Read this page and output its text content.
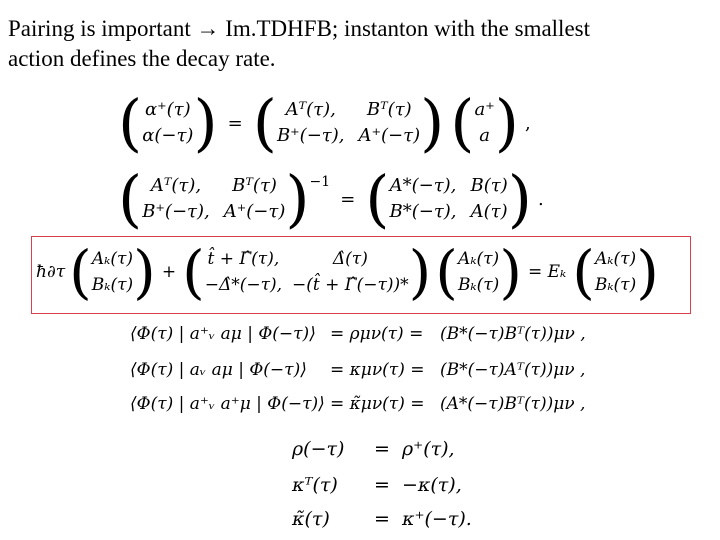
Pairing is important → Im.TDHFB; instanton with the smallest
action defines the decay rate.
( α⁺(τ)
α(−τ) ) = ( Aᵀ(τ),	Bᵀ(τ)
B⁺(−τ), A⁺(−τ) ) ( a⁺
a ) ,
( Aᵀ(τ),	Bᵀ(τ)
B⁺(−τ), A⁺(−τ) ) −1
= ( A*(−τ), B(τ)
B*(−τ), A(τ) ) .
ħ∂τ ( Aₖ(τ)
Bₖ(τ) ) + ( t̂ + Γ̂(τ),	Δ̂(τ)
−Δ̂*(−τ), −(t̂ + Γ̂(−τ))* ) ( Aₖ(τ)
Bₖ(τ) ) = Eₖ ( Aₖ(τ)
Bₖ(τ) )
⟨Φ(τ) | a⁺ᵥ aμ | Φ(−τ)⟩ = ρμν(τ) = (B*(−τ)Bᵀ(τ))μν ,
⟨Φ(τ) | aᵥ aμ | Φ(−τ)⟩	= κμν(τ) = (B*(−τ)Aᵀ(τ))μν ,
⟨Φ(τ) | a⁺ᵥ a⁺μ | Φ(−τ)⟩ = κ̃μν(τ) = (A*(−τ)Bᵀ(τ))μν ,
ρ(−τ)	= ρ⁺(τ),
κᵀ(τ)	= −κ(τ),
κ̃(τ)	= κ⁺(−τ).
